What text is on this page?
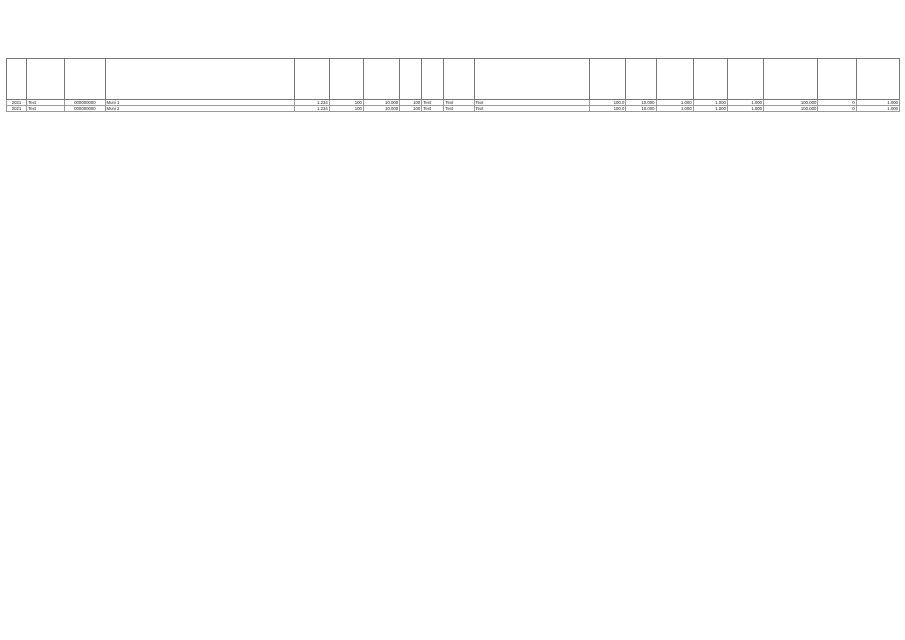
2021	Text	000000000	Muni 1	1.234	100	10.000	100	Text	Text	Text	100.0	10.000	1.000	1.000	1.000	100.000	0	1.000
2021	Text	000000000	Muni 2	1.234	100	10.000	100	Text	Text	Text	100.0	10.000	1.000	1.000	1.000	100.000	0	1.000
